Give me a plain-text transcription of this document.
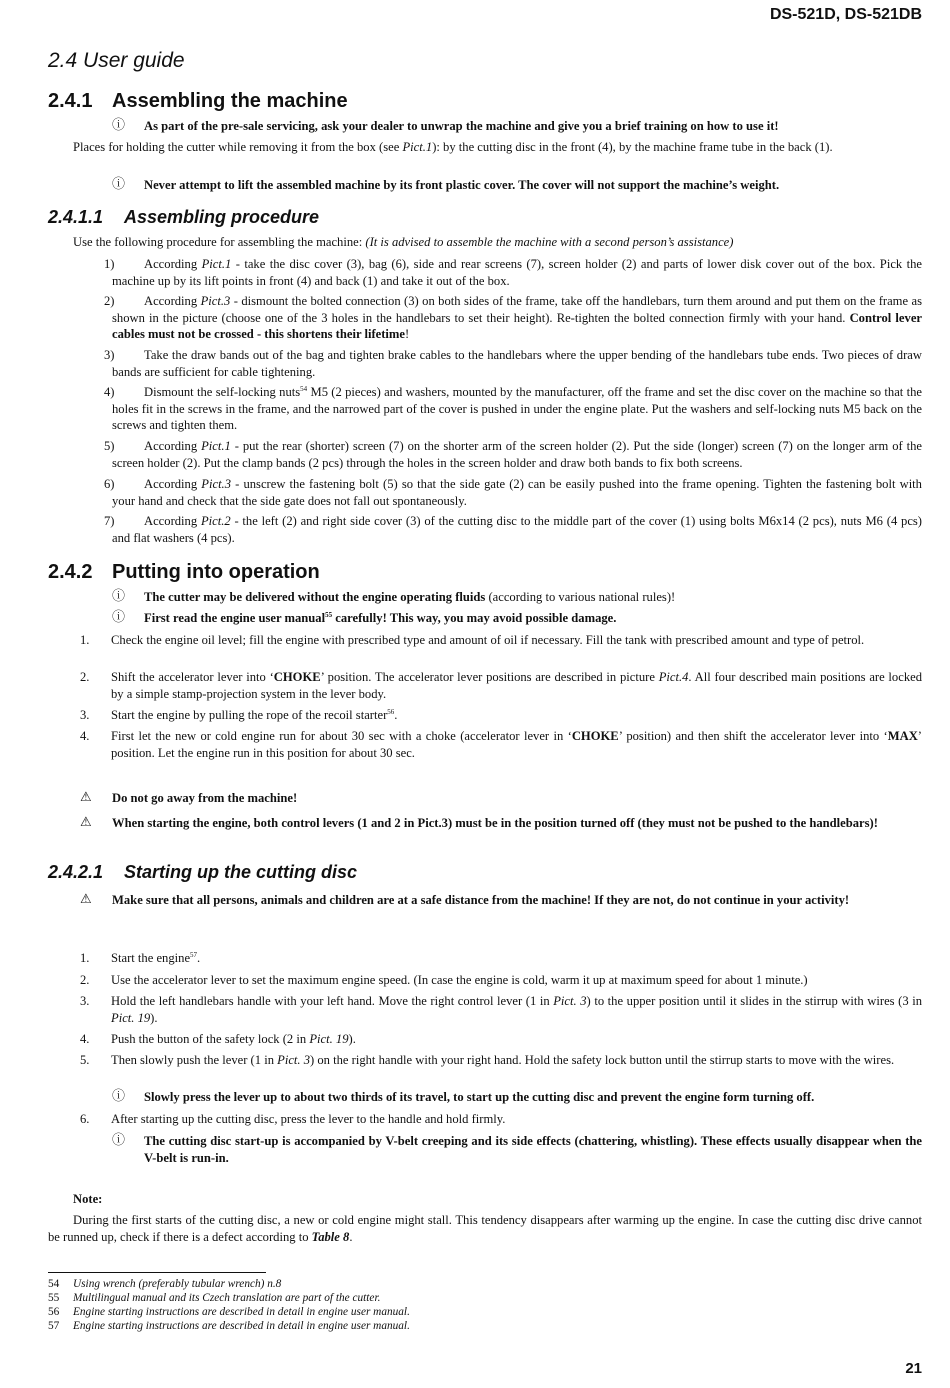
DS-521D, DS-521DB
2.4 User guide
2.4.1 Assembling the machine
ⓘ As part of the pre-sale servicing, ask your dealer to unwrap the machine and give you a brief training on how to use it!
Places for holding the cutter while removing it from the box (see Pict.1): by the cutting disc in the front (4), by the machine frame tube in the back (1).
ⓘ Never attempt to lift the assembled machine by its front plastic cover. The cover will not support the machine’s weight.
2.4.1.1 Assembling procedure
Use the following procedure for assembling the machine: (It is advised to assemble the machine with a second person’s assistance)
1) According Pict.1 - take the disc cover (3), bag (6), side and rear screens (7), screen holder (2) and parts of lower disk cover out of the box. Pick the machine up by its lift points in front (4) and back (1) and take it out of the box.
2) According Pict.3 - dismount the bolted connection (3) on both sides of the frame, take off the handlebars, turn them around and put them on the frame as shown in the picture (choose one of the 3 holes in the handlebars to set their height). Re-tighten the bolted connection firmly with your hand. Control lever cables must not be crossed - this shortens their lifetime!
3) Take the draw bands out of the bag and tighten brake cables to the handlebars where the upper bending of the handlebars tube ends. Two pieces of draw bands are sufficient for cable tightening.
4) Dismount the self-locking nuts$^{54}$ M5 (2 pieces) and washers, mounted by the manufacturer, off the frame and set the disc cover on the machine so that the holes fit in the screws in the frame, and the narrowed part of the cover is pushed in under the engine plate. Put the washers and self-locking nuts M5 back on the screws and tighten them.
5) According Pict.1 - put the rear (shorter) screen (7) on the shorter arm of the screen holder (2). Put the side (longer) screen (7) on the longer arm of the screen holder (2). Put the clamp bands (2 pcs) through the holes in the screen holder and draw both bands to fix both screens.
6) According Pict.3 - unscrew the fastening bolt (5) so that the side gate (2) can be easily pushed into the frame opening. Tighten the fastening bolt with your hand and check that the side gate does not fall out spontaneously.
7) According Pict.2 - the left (2) and right side cover (3) of the cutting disc to the middle part of the cover (1) using bolts M6x14 (2 pcs), nuts M6 (4 pcs) and flat washers (4 pcs).
2.4.2 Putting into operation
ⓘ The cutter may be delivered without the engine operating fluids (according to various national rules)!
ⓘ First read the engine user manual$^{55}$ carefully! This way, you may avoid possible damage.
1. Check the engine oil level; fill the engine with prescribed type and amount of oil if necessary. Fill the tank with prescribed amount and type of petrol.
2. Shift the accelerator lever into ‘CHOKE’ position. The accelerator lever positions are described in picture Pict.4. All four described main positions are locked by a simple stamp-projection system in the lever body.
3. Start the engine by pulling the rope of the recoil starter$^{56}$.
4. First let the new or cold engine run for about 30 sec with a choke (accelerator lever in ‘CHOKE’ position) and then shift the accelerator lever into ‘MAX’ position. Let the engine run in this position for about 30 sec.
⚠ Do not go away from the machine!
⚠ When starting the engine, both control levers (1 and 2 in Pict.3) must be in the position turned off (they must not be pushed to the handlebars)!
2.4.2.1 Starting up the cutting disc
⚠ Make sure that all persons, animals and children are at a safe distance from the machine! If they are not, do not continue in your activity!
1. Start the engine$^{57}$.
2. Use the accelerator lever to set the maximum engine speed. (In case the engine is cold, warm it up at maximum speed for about 1 minute.)
3. Hold the left handlebars handle with your left hand. Move the right control lever (1 in Pict. 3) to the upper position until it slides in the stirrup with wires (3 in Pict. 19).
4. Push the button of the safety lock (2 in Pict. 19).
5. Then slowly push the lever (1 in Pict. 3) on the right handle with your right hand. Hold the safety lock button until the stirrup starts to move with the wires.
ⓘ Slowly press the lever up to about two thirds of its travel, to start up the cutting disc and prevent the engine form turning off.
6. After starting up the cutting disc, press the lever to the handle and hold firmly.
ⓘ The cutting disc start-up is accompanied by V-belt creeping and its side effects (chattering, whistling). These effects usually disappear when the V-belt is run-in.
Note:
During the first starts of the cutting disc, a new or cold engine might stall. This tendency disappears after warming up the engine. In case the cutting disc drive cannot be runned up, check if there is a defect according to Table 8.
54 Using wrench (preferably tubular wrench) n.8
55 Multilingual manual and its Czech translation are part of the cutter.
56 Engine starting instructions are described in detail in engine user manual.
57 Engine starting instructions are described in detail in engine user manual.
21
